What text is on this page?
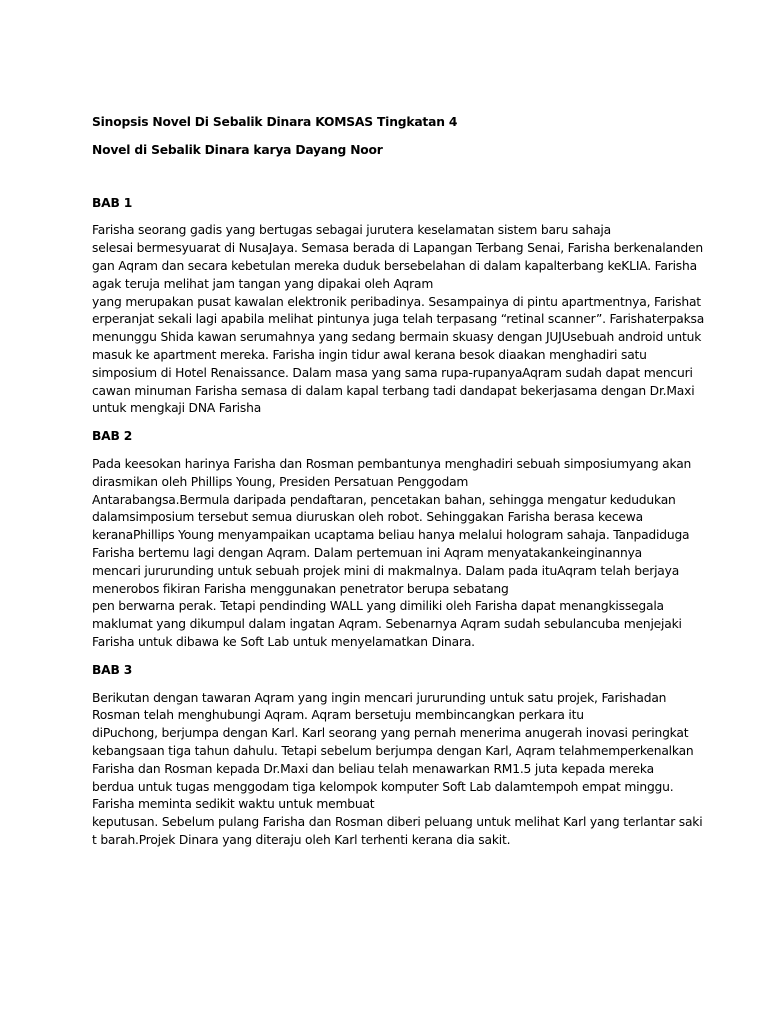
Sinopsis Novel Di Sebalik Dinara KOMSAS Tingkatan 4
Novel di Sebalik Dinara karya Dayang Noor
BAB 1
Farisha seorang gadis yang bertugas sebagai jurutera keselamatan sistem baru sahaja
selesai bermesyuarat di NusaJaya. Semasa berada di Lapangan Terbang Senai, Farisha berkenalanden
gan Aqram dan secara kebetulan mereka duduk bersebelahan di dalam kapalterbang keKLIA. Farisha
agak teruja melihat jam tangan yang dipakai oleh Aqram
yang merupakan pusat kawalan elektronik peribadinya. Sesampainya di pintu apartmentnya, Farishat
erperanjat sekali lagi apabila melihat pintunya juga telah terpasang “retinal scanner”. Farishaterpaksa
menunggu Shida kawan serumahnya yang sedang bermain skuasy dengan JUJUsebuah android untuk
masuk ke apartment mereka. Farisha ingin tidur awal kerana besok diaakan menghadiri satu
simposium di Hotel Renaissance. Dalam masa yang sama rupa-rupanyaAqram sudah dapat mencuri
cawan minuman Farisha semasa di dalam kapal terbang tadi dandapat bekerjasama dengan Dr.Maxi
untuk mengkaji DNA Farisha
BAB 2
Pada keesokan harinya Farisha dan Rosman pembantunya menghadiri sebuah simposiumyang akan
dirasmikan oleh Phillips Young, Presiden Persatuan Penggodam
Antarabangsa.Bermula daripada pendaftaran, pencetakan bahan, sehingga mengatur kedudukan
dalamsimposium tersebut semua diuruskan oleh robot. Sehinggakan Farisha berasa kecewa
keranaPhillips Young menyampaikan ucaptama beliau hanya melalui hologram sahaja. Tanpadiduga
Farisha bertemu lagi dengan Aqram. Dalam pertemuan ini Aqram menyatakankeinginannya
mencari jururunding untuk sebuah projek mini di makmalnya. Dalam pada ituAqram telah berjaya
menerobos fikiran Farisha menggunakan penetrator berupa sebatang
pen berwarna perak. Tetapi pendinding WALL yang dimiliki oleh Farisha dapat menangkissegala
maklumat yang dikumpul dalam ingatan Aqram. Sebenarnya Aqram sudah sebulancuba menjejaki
Farisha untuk dibawa ke Soft Lab untuk menyelamatkan Dinara.
BAB 3
Berikutan dengan tawaran Aqram yang ingin mencari jururunding untuk satu projek, Farishadan
Rosman telah menghubungi Aqram. Aqram bersetuju membincangkan perkara itu
diPuchong, berjumpa dengan Karl. Karl seorang yang pernah menerima anugerah inovasi peringkat
kebangsaan tiga tahun dahulu. Tetapi sebelum berjumpa dengan Karl, Aqram telahmemperkenalkan
Farisha dan Rosman kepada Dr.Maxi dan beliau telah menawarkan RM1.5 juta kepada mereka
berdua untuk tugas menggodam tiga kelompok komputer Soft Lab dalamtempoh empat minggu.
Farisha meminta sedikit waktu untuk membuat
keputusan. Sebelum pulang Farisha dan Rosman diberi peluang untuk melihat Karl yang terlantar saki
t barah.Projek Dinara yang diteraju oleh Karl terhenti kerana dia sakit.
